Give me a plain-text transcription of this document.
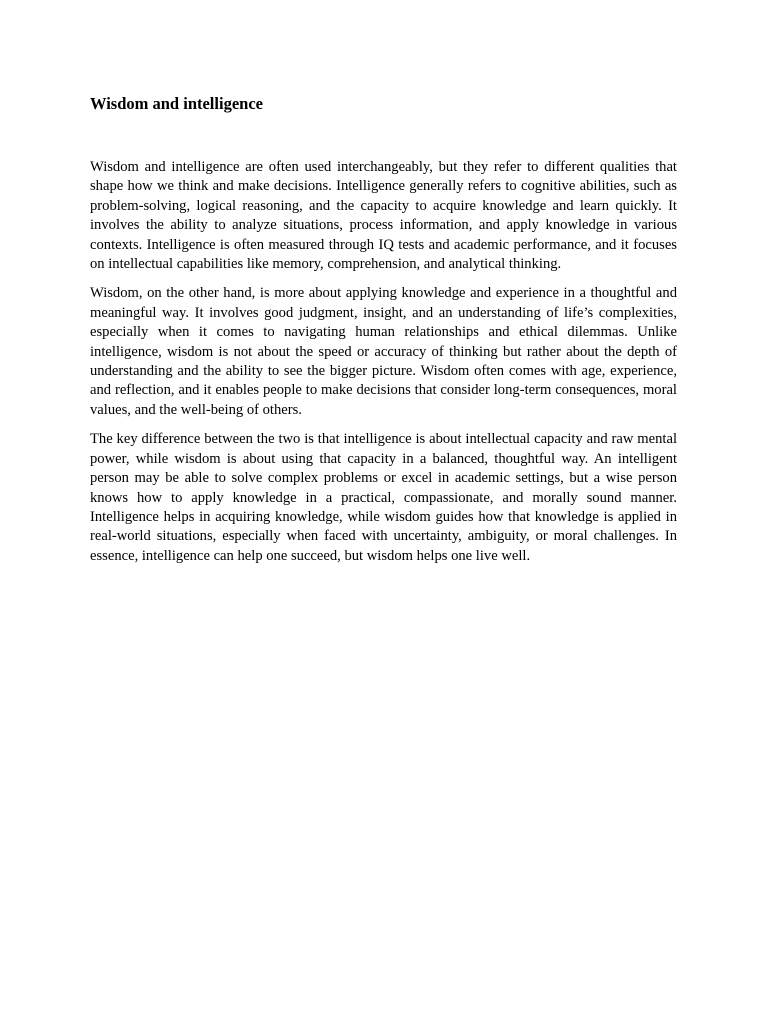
Wisdom and intelligence

Wisdom and intelligence are often used interchangeably, but they refer to different qualities that shape how we think and make decisions. Intelligence generally refers to cognitive abilities, such as problem-solving, logical reasoning, and the capacity to acquire knowledge and learn quickly. It involves the ability to analyze situations, process information, and apply knowledge in various contexts. Intelligence is often measured through IQ tests and academic performance, and it focuses on intellectual capabilities like memory, comprehension, and analytical thinking.

Wisdom, on the other hand, is more about applying knowledge and experience in a thoughtful and meaningful way. It involves good judgment, insight, and an understanding of life’s complexities, especially when it comes to navigating human relationships and ethical dilemmas. Unlike intelligence, wisdom is not about the speed or accuracy of thinking but rather about the depth of understanding and the ability to see the bigger picture. Wisdom often comes with age, experience, and reflection, and it enables people to make decisions that consider long-term consequences, moral values, and the well-being of others.

The key difference between the two is that intelligence is about intellectual capacity and raw mental power, while wisdom is about using that capacity in a balanced, thoughtful way. An intelligent person may be able to solve complex problems or excel in academic settings, but a wise person knows how to apply knowledge in a practical, compassionate, and morally sound manner. Intelligence helps in acquiring knowledge, while wisdom guides how that knowledge is applied in real-world situations, especially when faced with uncertainty, ambiguity, or moral challenges. In essence, intelligence can help one succeed, but wisdom helps one live well.
